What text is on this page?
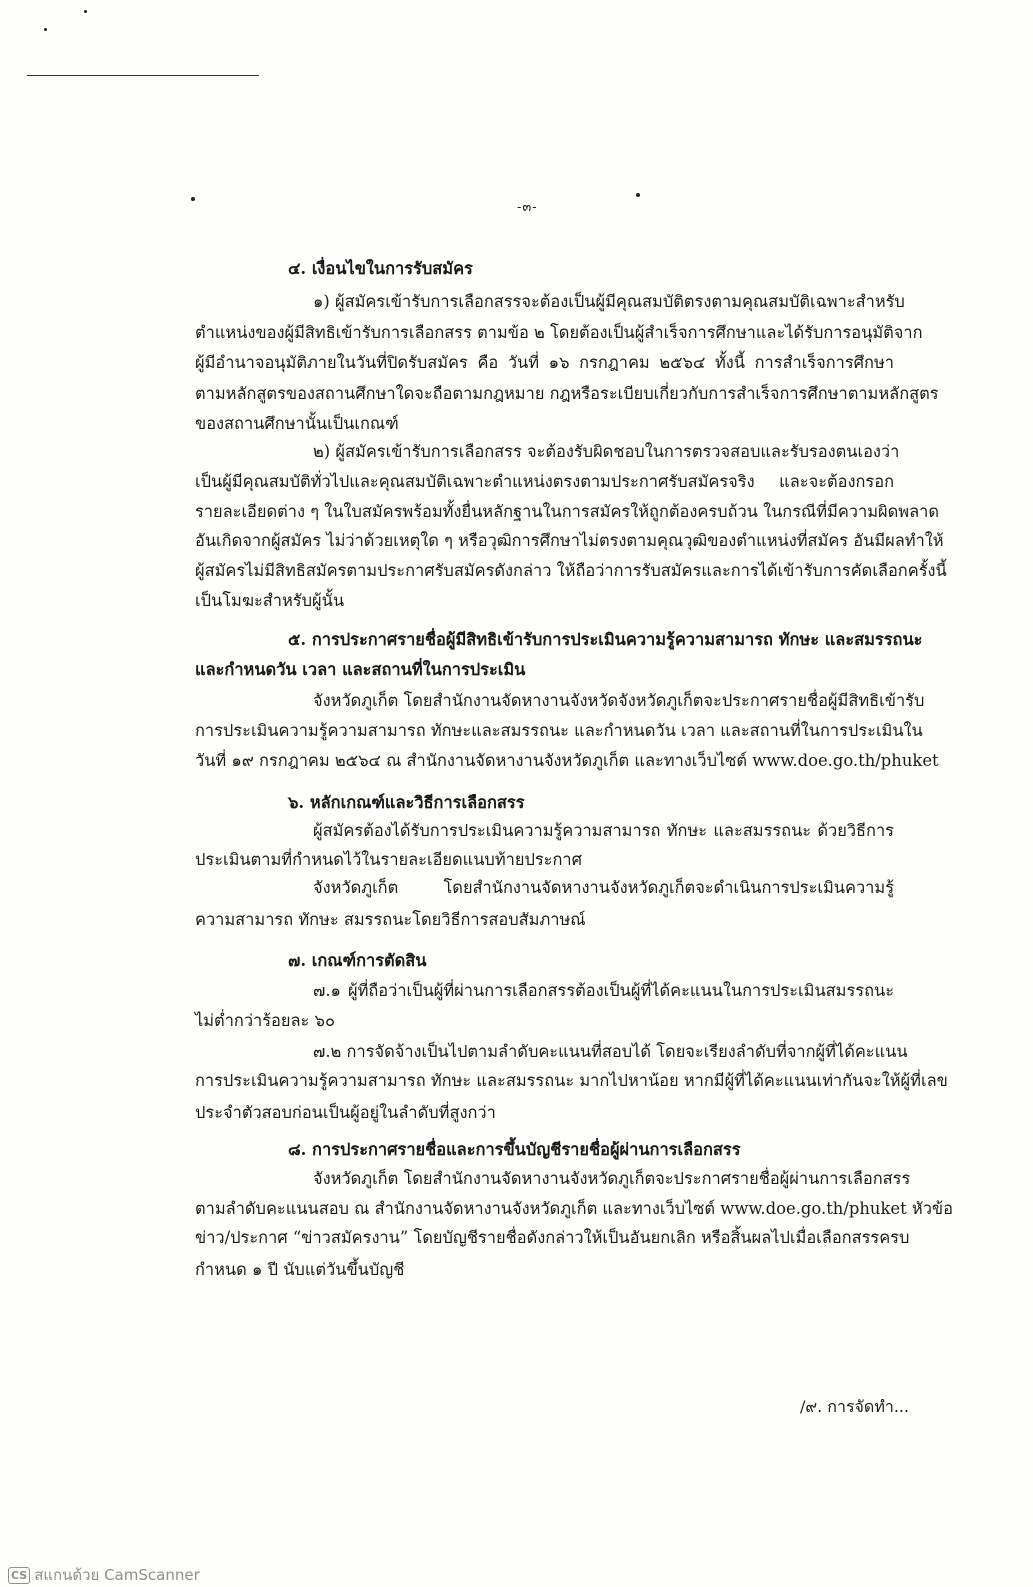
-๓-
๔. เงื่อนไขในการรับสมัคร
๑) ผู้สมัครเข้ารับการเลือกสรรจะต้องเป็นผู้มีคุณสมบัติตรงตามคุณสมบัติเฉพาะสำหรับ
ตำแหน่งของผู้มีสิทธิเข้ารับการเลือกสรร ตามข้อ ๒ โดยต้องเป็นผู้สำเร็จการศึกษาและได้รับการอนุมัติจาก
ผู้มีอำนาจอนุมัติภายในวันที่ปิดรับสมัคร คือ วันที่ ๑๖ กรกฎาคม ๒๕๖๔ ทั้งนี้ การสำเร็จการศึกษา
ตามหลักสูตรของสถานศึกษาใดจะถือตามกฎหมาย กฎหรือระเบียบเกี่ยวกับการสำเร็จการศึกษาตามหลักสูตร
ของสถานศึกษานั้นเป็นเกณฑ์
๒) ผู้สมัครเข้ารับการเลือกสรร จะต้องรับผิดชอบในการตรวจสอบและรับรองตนเองว่า
เป็นผู้มีคุณสมบัติทั่วไปและคุณสมบัติเฉพาะตำแหน่งตรงตามประกาศรับสมัครจริง และจะต้องกรอก
รายละเอียดต่าง ๆ ในใบสมัครพร้อมทั้งยื่นหลักฐานในการสมัครให้ถูกต้องครบถ้วน ในกรณีที่มีความผิดพลาด
อันเกิดจากผู้สมัคร ไม่ว่าด้วยเหตุใด ๆ หรือวุฒิการศึกษาไม่ตรงตามคุณวุฒิของตำแหน่งที่สมัคร อันมีผลทำให้
ผู้สมัครไม่มีสิทธิสมัครตามประกาศรับสมัครดังกล่าว ให้ถือว่าการรับสมัครและการได้เข้ารับการคัดเลือกครั้งนี้
เป็นโมฆะสำหรับผู้นั้น
๕. การประกาศรายชื่อผู้มีสิทธิเข้ารับการประเมินความรู้ความสามารถ ทักษะ และสมรรถนะ
และกำหนดวัน เวลา และสถานที่ในการประเมิน
จังหวัดภูเก็ต โดยสำนักงานจัดหางานจังหวัดจังหวัดภูเก็ตจะประกาศรายชื่อผู้มีสิทธิเข้ารับ
การประเมินความรู้ความสามารถ ทักษะและสมรรถนะ และกำหนดวัน เวลา และสถานที่ในการประเมินใน
วันที่ ๑๙ กรกฎาคม ๒๕๖๔ ณ สำนักงานจัดหางานจังหวัดภูเก็ต และทางเว็บไซต์ www.doe.go.th/phuket
๖. หลักเกณฑ์และวิธีการเลือกสรร
ผู้สมัครต้องได้รับการประเมินความรู้ความสามารถ ทักษะ และสมรรถนะ ด้วยวิธีการ
ประเมินตามที่กำหนดไว้ในรายละเอียดแนบท้ายประกาศ
จังหวัดภูเก็ต โดยสำนักงานจัดหางานจังหวัดภูเก็ตจะดำเนินการประเมินความรู้
ความสามารถ ทักษะ สมรรถนะโดยวิธีการสอบสัมภาษณ์
๗. เกณฑ์การตัดสิน
๗.๑ ผู้ที่ถือว่าเป็นผู้ที่ผ่านการเลือกสรรต้องเป็นผู้ที่ได้คะแนนในการประเมินสมรรถนะ
ไม่ต่ำกว่าร้อยละ ๖๐
๗.๒ การจัดจ้างเป็นไปตามลำดับคะแนนที่สอบได้ โดยจะเรียงลำดับที่จากผู้ที่ได้คะแนน
การประเมินความรู้ความสามารถ ทักษะ และสมรรถนะ มากไปหาน้อย หากมีผู้ที่ได้คะแนนเท่ากันจะให้ผู้ที่เลข
ประจำตัวสอบก่อนเป็นผู้อยู่ในลำดับที่สูงกว่า
๘. การประกาศรายชื่อและการขึ้นบัญชีรายชื่อผู้ผ่านการเลือกสรร
จังหวัดภูเก็ต โดยสำนักงานจัดหางานจังหวัดภูเก็ตจะประกาศรายชื่อผู้ผ่านการเลือกสรร
ตามลำดับคะแนนสอบ ณ สำนักงานจัดหางานจังหวัดภูเก็ต และทางเว็บไซต์ www.doe.go.th/phuket หัวข้อ
ข่าว/ประกาศ “ข่าวสมัครงาน” โดยบัญชีรายชื่อดังกล่าวให้เป็นอันยกเลิก หรือสิ้นผลไปเมื่อเลือกสรรครบ
กำหนด ๑ ปี นับแต่วันขึ้นบัญชี
/๙. การจัดทำ...
CS สแกนด้วย CamScanner
